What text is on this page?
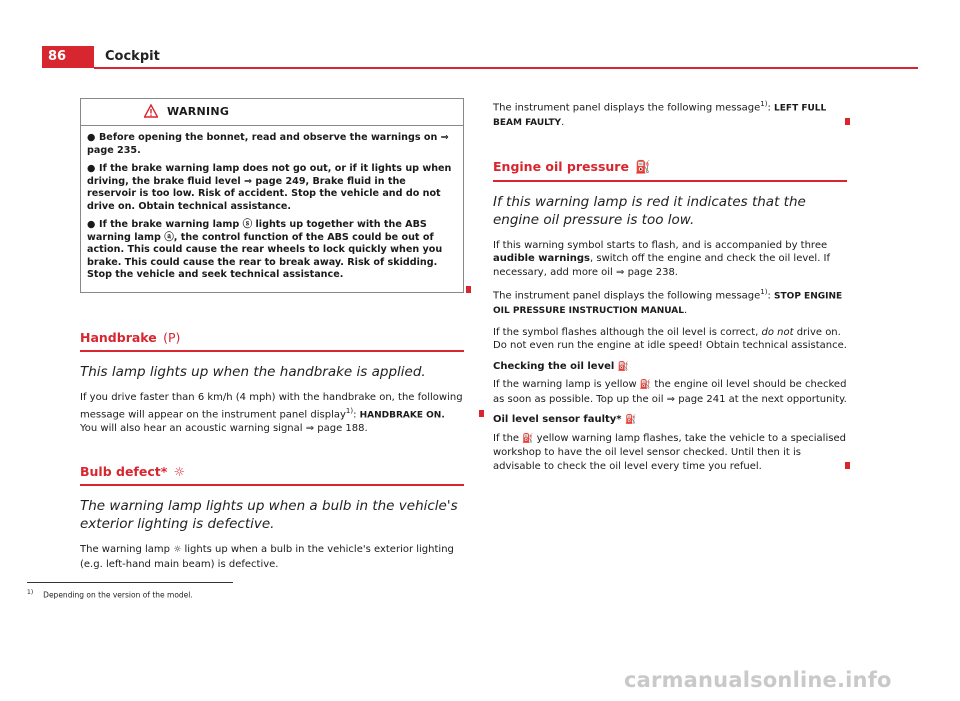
86	Cockpit
WARNING
● Before opening the bonnet, read and observe the warnings on ⇒ page 235.
● If the brake warning lamp does not go out, or if it lights up when driving, the brake fluid level ⇒ page 249, Brake fluid in the reservoir is too low. Risk of accident. Stop the vehicle and do not drive on. Obtain technical assistance.
● If the brake warning lamp ⓢ lights up together with the ABS warning lamp ⓐ, the control function of the ABS could be out of action. This could cause the rear wheels to lock quickly when you brake. This could cause the rear to break away. Risk of skidding. Stop the vehicle and seek technical assistance.
Handbrake (P)
This lamp lights up when the handbrake is applied.

If you drive faster than 6 km/h (4 mph) with the handbrake on, the following message will appear on the instrument panel display$^{1)}$: HANDBRAKE ON. You will also hear an acoustic warning signal ⇒ page 188.

Bulb defect* ☼
The warning lamp lights up when a bulb in the vehicle's exterior lighting is defective.

The warning lamp ☼ lights up when a bulb in the vehicle's exterior lighting (e.g. left-hand main beam) is defective.

The instrument panel displays the following message$^{1)}$: LEFT FULL BEAM FAULTY.

Engine oil pressure ⛽
If this warning lamp is red it indicates that the engine oil pressure is too low.

If this warning symbol starts to flash, and is accompanied by three audible warnings, switch off the engine and check the oil level. If necessary, add more oil ⇒ page 238.

The instrument panel displays the following message$^{1)}$: STOP ENGINE OIL PRESSURE INSTRUCTION MANUAL.

If the symbol flashes although the oil level is correct, do not drive on. Do not even run the engine at idle speed! Obtain technical assistance.

Checking the oil level ⛽

If the warning lamp is yellow ⛽ the engine oil level should be checked as soon as possible. Top up the oil ⇒ page 241 at the next opportunity.

Oil level sensor faulty* ⛽

If the ⛽ yellow warning lamp flashes, take the vehicle to a specialised workshop to have the oil level sensor checked. Until then it is advisable to check the oil level every time you refuel.

$^{1)}$ Depending on the version of the model.
carmanualsonline.info
